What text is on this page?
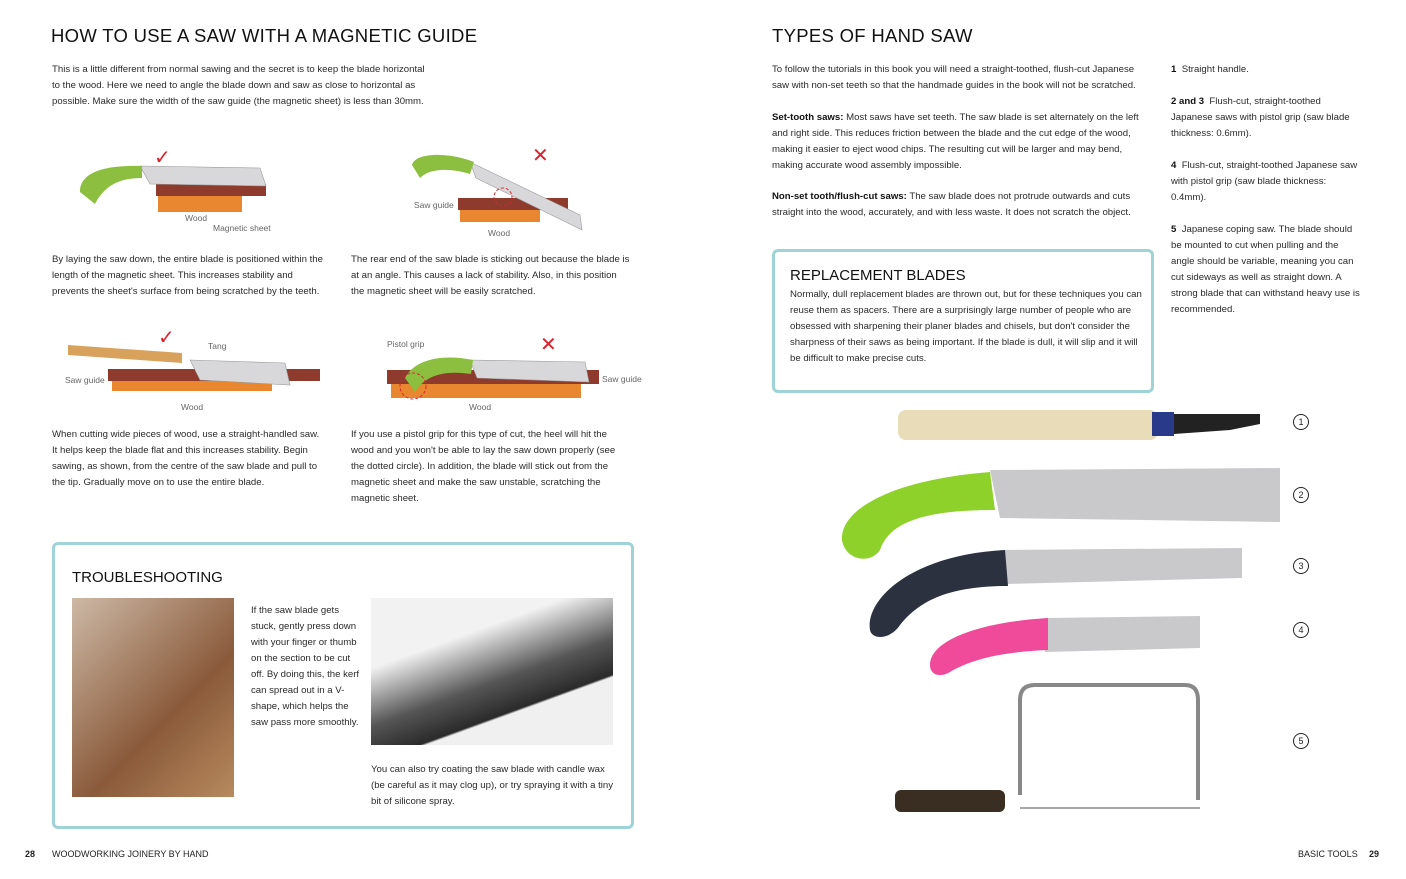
HOW TO USE A SAW WITH A MAGNETIC GUIDE

This is a little different from normal sawing and the secret is to keep the blade horizontal to the wood. Here we need to angle the blade down and saw as close to horizontal as possible. Make sure the width of the saw guide (the magnetic sheet) is less than 30mm.

✓
Wood
Magnetic sheet

By laying the saw down, the entire blade is positioned within the length of the magnetic sheet. This increases stability and prevents the sheet's surface from being scratched by the teeth.

✕
Saw guide
Wood

The rear end of the saw blade is sticking out because the blade is at an angle. This causes a lack of stability. Also, in this position the magnetic sheet will be easily scratched.

✓	Tang
Saw guide
Wood

When cutting wide pieces of wood, use a straight-handled saw. It helps keep the blade flat and this increases stability. Begin sawing, as shown, from the centre of the saw blade and pull to the tip. Gradually move on to use the entire blade.

✕
Pistol grip
Saw guide
Wood

If you use a pistol grip for this type of cut, the heel will hit the wood and you won't be able to lay the saw down properly (see the dotted circle). In addition, the blade will stick out from the magnetic sheet and make the saw unstable, scratching the magnetic sheet.

TROUBLESHOOTING

If the saw blade gets stuck, gently press down with your finger or thumb on the section to be cut off. By doing this, the kerf can spread out in a V-shape, which helps the saw pass more smoothly.

You can also try coating the saw blade with candle wax (be careful as it may clog up), or try spraying it with a tiny bit of silicone spray.

28 WOODWORKING JOINERY BY HAND
TYPES OF HAND SAW

To follow the tutorials in this book you will need a straight-toothed, flush-cut Japanese saw with non-set teeth so that the handmade guides in the book will not be scratched.

Set-tooth saws: Most saws have set teeth. The saw blade is set alternately on the left and right side. This reduces friction between the blade and the cut edge of the wood, making it easier to eject wood chips. The resulting cut will be larger and may bend, making accurate wood assembly impossible.

Non-set tooth/flush-cut saws: The saw blade does not protrude outwards and cuts straight into the wood, accurately, and with less waste. It does not scratch the object.

REPLACEMENT BLADES

Normally, dull replacement blades are thrown out, but for these techniques you can reuse them as spacers. There are a surprisingly large number of people who are obsessed with sharpening their planer blades and chisels, but don't consider the sharpness of their saws as being important. If the blade is dull, it will slip and it will be difficult to make precise cuts.

1 Straight handle.

2 and 3 Flush-cut, straight-toothed Japanese saws with pistol grip (saw blade thickness: 0.6mm).

4 Flush-cut, straight-toothed Japanese saw with pistol grip (saw blade thickness: 0.4mm).

5 Japanese coping saw. The blade should be mounted to cut when pulling and the angle should be variable, meaning you can cut sideways as well as straight down. A strong blade that can withstand heavy use is recommended.

1
2
3
4
5
BASIC TOOLS 29
